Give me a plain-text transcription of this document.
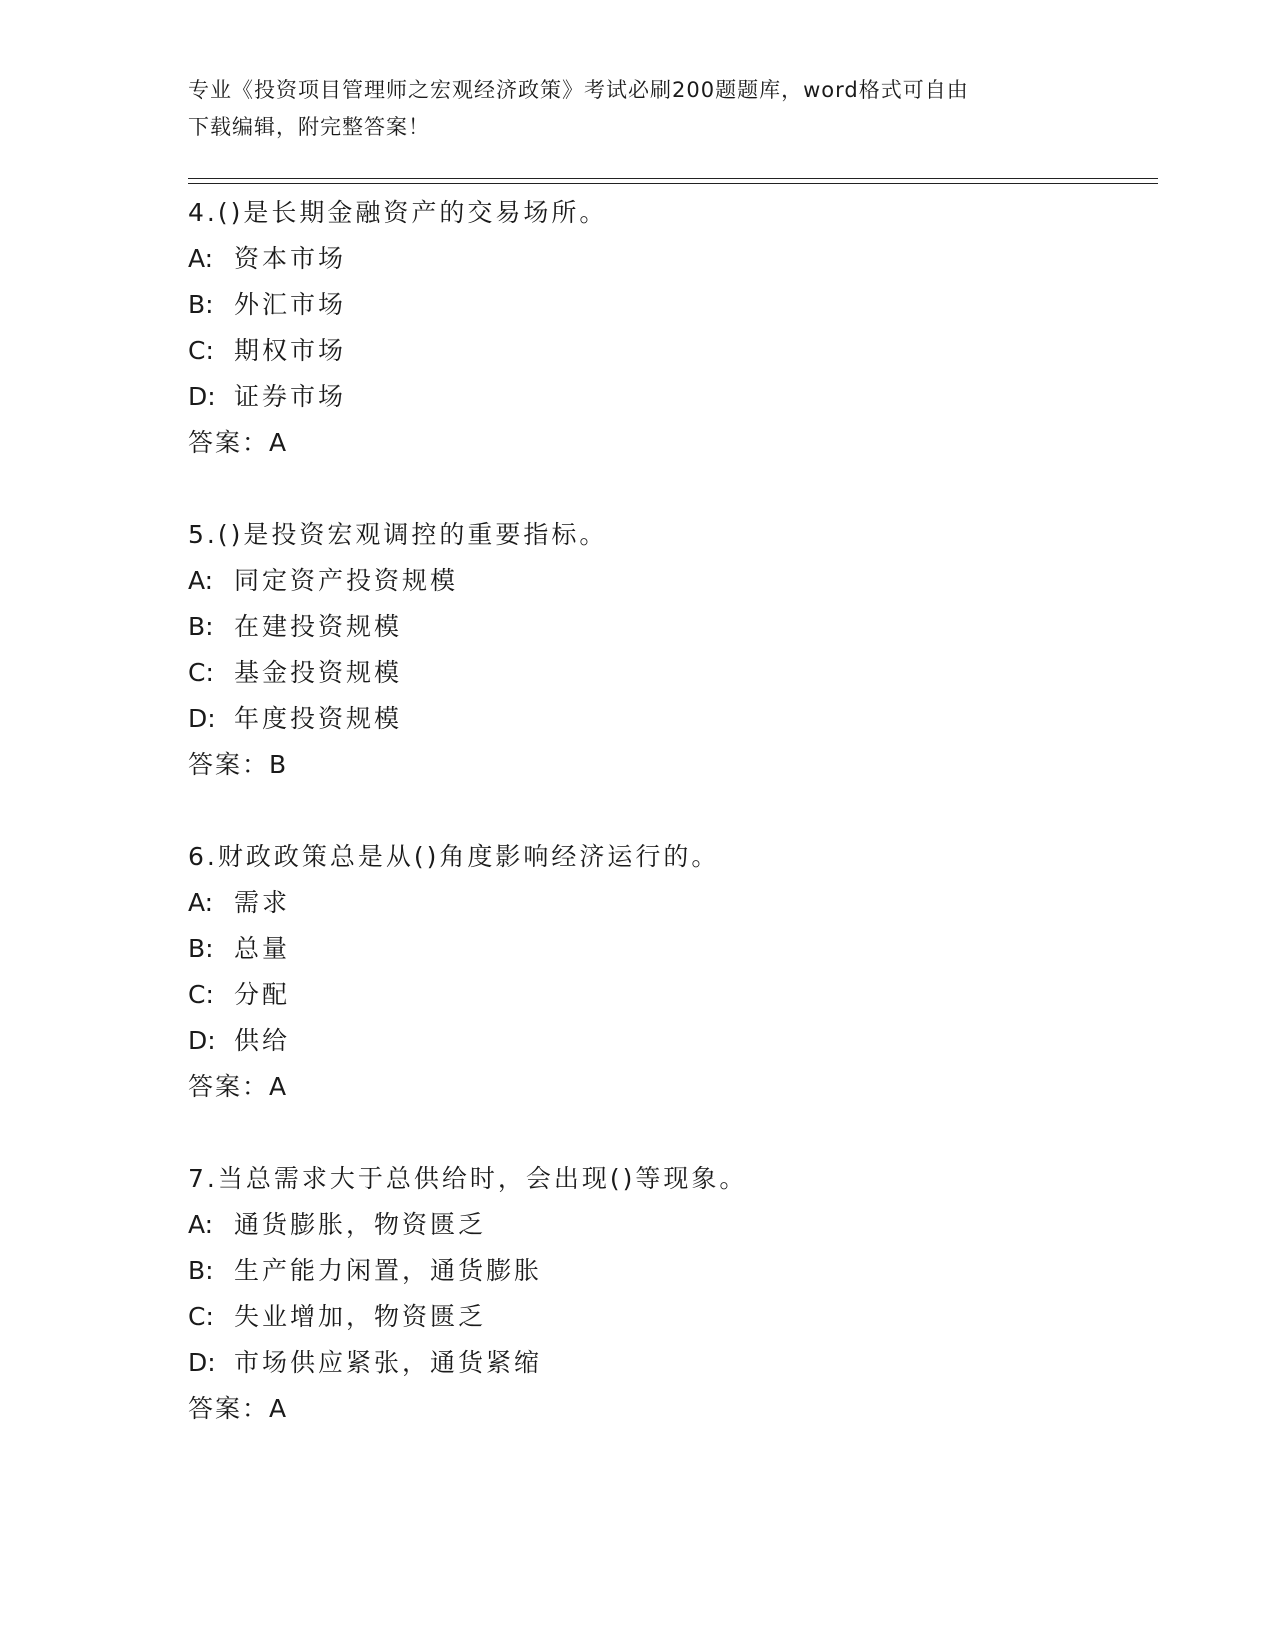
专业《投资项目管理师之宏观经济政策》考试必刷200题题库，word格式可自由
下载编辑，附完整答案！
4.()是长期金融资产的交易场所。
A: 资本市场
B: 外汇市场
C: 期权市场
D: 证券市场
答案：A
5.()是投资宏观调控的重要指标。
A: 同定资产投资规模
B: 在建投资规模
C: 基金投资规模
D: 年度投资规模
答案：B
6.财政政策总是从()角度影响经济运行的。
A: 需求
B: 总量
C: 分配
D: 供给
答案：A
7.当总需求大于总供给时，会出现()等现象。
A: 通货膨胀，物资匮乏
B: 生产能力闲置，通货膨胀
C: 失业增加，物资匮乏
D: 市场供应紧张，通货紧缩
答案：A
